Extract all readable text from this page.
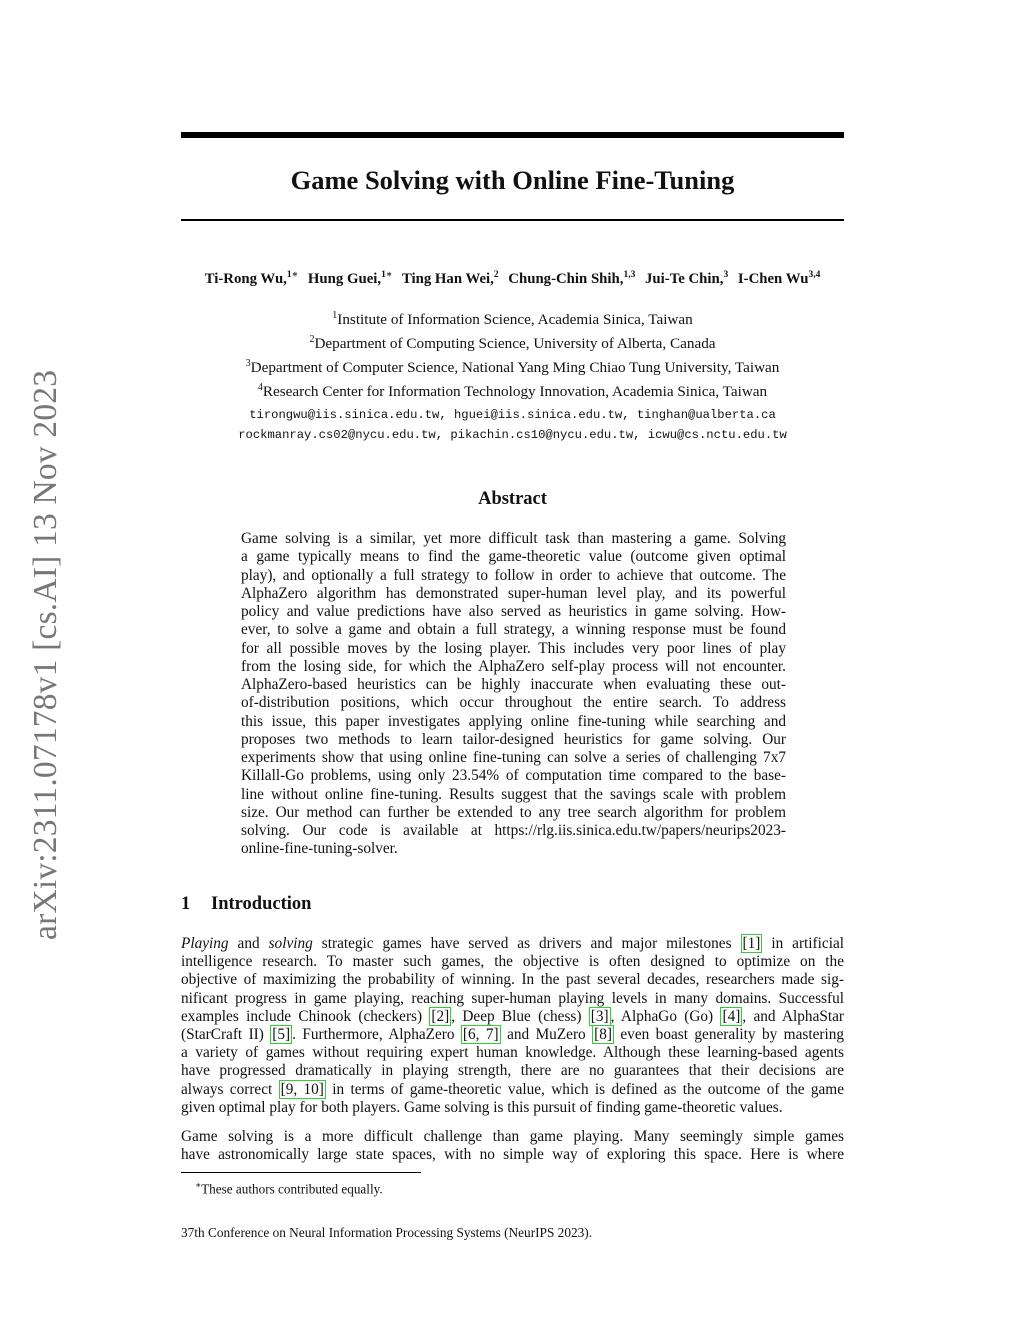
arXiv:2311.07178v1 [cs.AI] 13 Nov 2023
Game Solving with Online Fine-Tuning
Ti-Rong Wu,$^{1∗}$ Hung Guei,$^{1∗}$ Ting Han Wei,$^2$ Chung-Chin Shih,$^{1,3}$ Jui-Te Chin,$^3$ I-Chen Wu$^{3,4}$
$^1$Institute of Information Science, Academia Sinica, Taiwan
$^2$Department of Computing Science, University of Alberta, Canada
$^3$Department of Computer Science, National Yang Ming Chiao Tung University, Taiwan
$^4$Research Center for Information Technology Innovation, Academia Sinica, Taiwan
tirongwu@iis.sinica.edu.tw, hguei@iis.sinica.edu.tw, tinghan@ualberta.ca
rockmanray.cs02@nycu.edu.tw, pikachin.cs10@nycu.edu.tw, icwu@cs.nctu.edu.tw
Abstract
Game solving is a similar, yet more difficult task than mastering a game. Solving
a game typically means to find the game-theoretic value (outcome given optimal
play), and optionally a full strategy to follow in order to achieve that outcome. The
AlphaZero algorithm has demonstrated super-human level play, and its powerful
policy and value predictions have also served as heuristics in game solving. How-
ever, to solve a game and obtain a full strategy, a winning response must be found
for all possible moves by the losing player. This includes very poor lines of play
from the losing side, for which the AlphaZero self-play process will not encounter.
AlphaZero-based heuristics can be highly inaccurate when evaluating these out-
of-distribution positions, which occur throughout the entire search. To address
this issue, this paper investigates applying online fine-tuning while searching and
proposes two methods to learn tailor-designed heuristics for game solving. Our
experiments show that using online fine-tuning can solve a series of challenging 7x7
Killall-Go problems, using only 23.54% of computation time compared to the base-
line without online fine-tuning. Results suggest that the savings scale with problem
size. Our method can further be extended to any tree search algorithm for problem
solving. Our code is available at https://rlg.iis.sinica.edu.tw/papers/neurips2023-
online-fine-tuning-solver.
1 Introduction
Playing and solving strategic games have served as drivers and major milestones [1] in artificial
intelligence research. To master such games, the objective is often designed to optimize on the
objective of maximizing the probability of winning. In the past several decades, researchers made sig-
nificant progress in game playing, reaching super-human playing levels in many domains. Successful
examples include Chinook (checkers) [2] , Deep Blue (chess) [3] , AlphaGo (Go) [4] , and AlphaStar
(StarCraft II) [5] . Furthermore, AlphaZero [6, 7] and MuZero [8] even boast generality by mastering
a variety of games without requiring expert human knowledge. Although these learning-based agents
have progressed dramatically in playing strength, there are no guarantees that their decisions are
always correct [9, 10] in terms of game-theoretic value, which is defined as the outcome of the game
given optimal play for both players. Game solving is this pursuit of finding game-theoretic values.
Game solving is a more difficult challenge than game playing. Many seemingly simple games
have astronomically large state spaces, with no simple way of exploring this space. Here is where
∗These authors contributed equally.
37th Conference on Neural Information Processing Systems (NeurIPS 2023).
